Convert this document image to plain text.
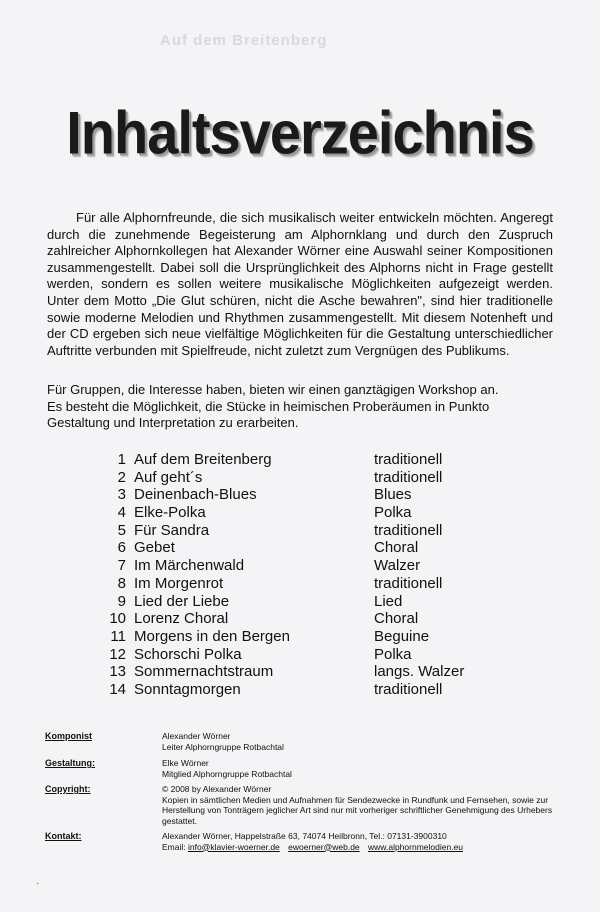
Auf dem Breitenberg
Inhaltsverzeichnis

Für alle Alphornfreunde, die sich musikalisch weiter entwickeln möchten. Angeregt durch die zunehmende Begeisterung am Alphornklang und durch den Zuspruch zahlreicher Alphornkollegen hat Alexander Wörner eine Auswahl seiner Kompositionen zusammengestellt. Dabei soll die Ursprünglichkeit des Alphorns nicht in Frage gestellt werden, sondern es sollen weitere musikalische Möglichkeiten aufgezeigt werden. Unter dem Motto „Die Glut schüren, nicht die Asche bewahren", sind hier traditionelle sowie moderne Melodien und Rhythmen zusammengestellt. Mit diesem Notenheft und der CD ergeben sich neue vielfältige Möglichkeiten für die Gestaltung unterschiedlicher Auftritte verbunden mit Spielfreude, nicht zuletzt zum Vergnügen des Publikums.

Für Gruppen, die Interesse haben, bieten wir einen ganztägigen Workshop an.
Es besteht die Möglichkeit, die Stücke in heimischen Proberäumen in Punkto Gestaltung und Interpretation zu erarbeiten.
1 Auf dem Breitenberg	traditionell
2 Auf geht´s	traditionell
3 Deinenbach-Blues	Blues
4 Elke-Polka	Polka
5 Für Sandra	traditionell
6 Gebet	Choral
7 Im Märchenwald	Walzer
8 Im Morgenrot	traditionell
9 Lied der Liebe	Lied
10 Lorenz Choral	Choral
11 Morgens in den Bergen	Beguine
12 Schorschi Polka	Polka
13 Sommernachtstraum	langs. Walzer
14 Sonntagmorgen	traditionell
Komponist	Alexander Wörner
Leiter Alphorngruppe Rotbachtal
Gestaltung:	Elke Wörner
Mitglied Alphorngruppe Rotbachtal
Copyright:	© 2008 by Alexander Wörner
Kopien in sämtlichen Medien und Aufnahmen für Sendezwecke in Rundfunk und Fernsehen, sowie zur Herstellung von Tonträgern jeglicher Art sind nur mit vorheriger schriftlicher Genehmigung des Urhebers gestattet.
Kontakt:	Alexander Wörner, Happelstraße 63, 74074 Heilbronn, Tel.: 07131-3900310
Email: info@klavier-woerner.de ewoerner@web.de www.alphornmelodien.eu
·
